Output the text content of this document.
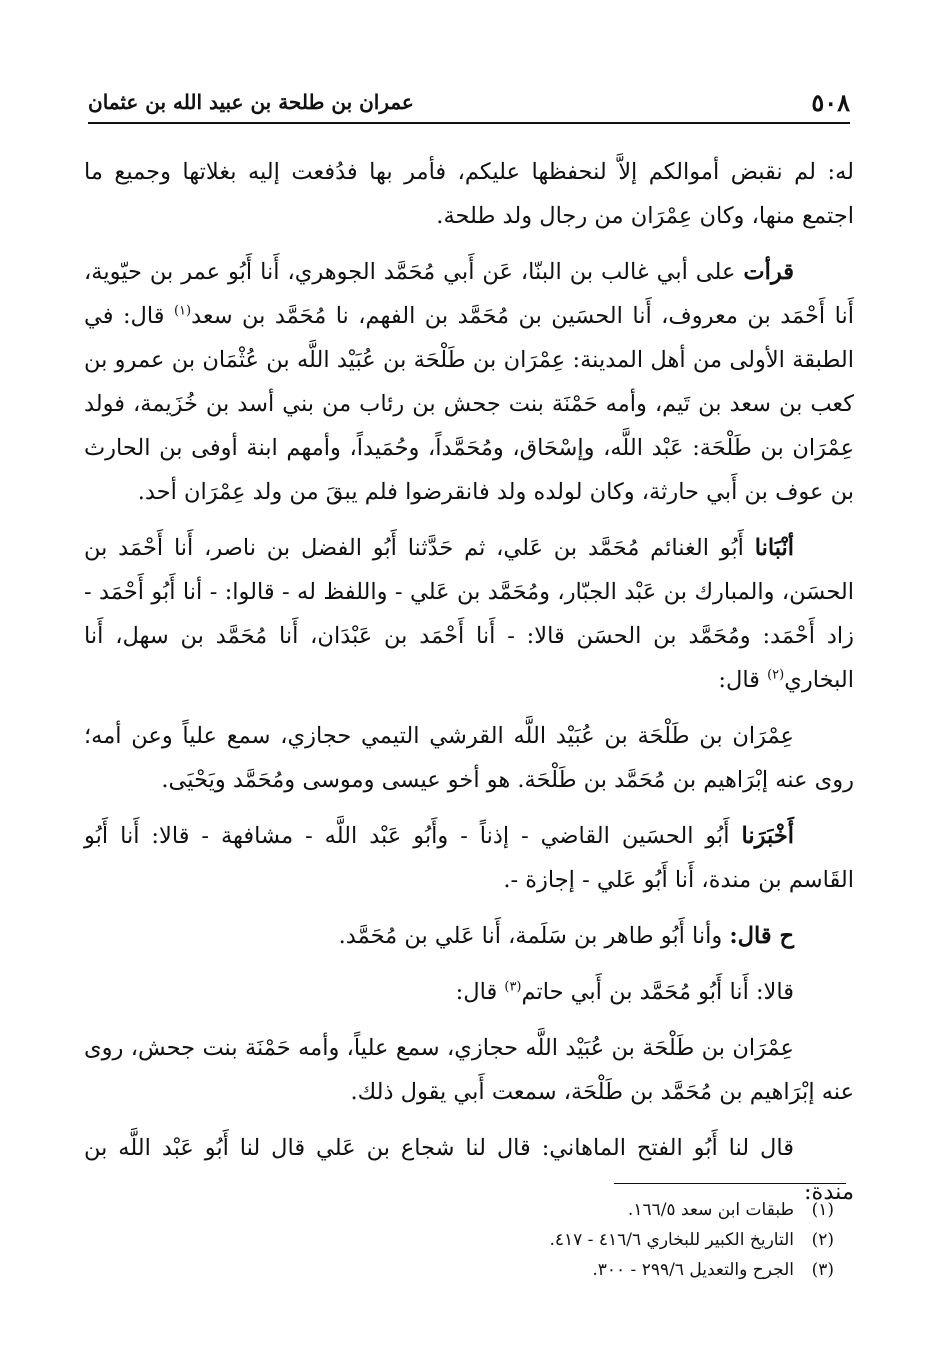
٥٠٨
عمران بن طلحة بن عبيد الله بن عثمان

له: لم نقبض أموالكم إلاَّ لنحفظها عليكم، فأمر بها فدُفعت إليه بغلاتها وجميع ما اجتمع منها، وكان عِمْرَان من رجال ولد طلحة.

قرأت على أبي غالب بن البنّا، عَن أَبي مُحَمَّد الجوهري، أَنا أَبُو عمر بن حيّوية، أَنا أَحْمَد بن معروف، أَنا الحسَين بن مُحَمَّد بن الفهم، نا مُحَمَّد بن سعد$^{(١)}$ قال: في الطبقة الأولى من أهل المدينة: عِمْرَان بن طَلْحَة بن عُبَيْد اللَّه بن عُثْمَان بن عمرو بن كعب بن سعد بن تَيم، وأمه حَمْنَة بنت جحش بن رئاب من بني أسد بن خُزَيمة، فولد عِمْرَان بن طَلْحَة: عَبْد اللَّه، وإسْحَاق، ومُحَمَّداً، وحُمَيداً، وأمهم ابنة أوفى بن الحارث بن عوف بن أَبي حارثة، وكان لولده ولد فانقرضوا فلم يبقَ من ولد عِمْرَان أحد.

أنْبَانا أَبُو الغنائم مُحَمَّد بن عَلي، ثم حَدَّثنا أَبُو الفضل بن ناصر، أَنا أَحْمَد بن الحسَن، والمبارك بن عَبْد الجبّار، ومُحَمَّد بن عَلي - واللفظ له - قالوا: - أنا أَبُو أَحْمَد - زاد أَحْمَد: ومُحَمَّد بن الحسَن قالا: - أَنا أَحْمَد بن عَبْدَان، أَنا مُحَمَّد بن سهل، أَنا البخاري$^{(٢)}$ قال:

عِمْرَان بن طَلْحَة بن عُبَيْد اللَّه القرشي التيمي حجازي، سمع علياً وعن أمه؛ روى عنه إبْرَاهيم بن مُحَمَّد بن طَلْحَة. هو أخو عيسى وموسى ومُحَمَّد ويَحْيَى.

أَخْبَرَنا أَبُو الحسَين القاضي - إذناً - وأَبُو عَبْد اللَّه - مشافهة - قالا: أَنا أَبُو القَاسم بن مندة، أَنا أَبُو عَلي - إجازة -.

ح قال: وأنا أَبُو طاهر بن سَلَمة، أَنا عَلي بن مُحَمَّد.

قالا: أَنا أَبُو مُحَمَّد بن أَبي حاتم$^{(٣)}$ قال:

عِمْرَان بن طَلْحَة بن عُبَيْد اللَّه حجازي، سمع علياً، وأمه حَمْنَة بنت جحش، روى عنه إبْرَاهيم بن مُحَمَّد بن طَلْحَة، سمعت أَبي يقول ذلك.

قال لنا أَبُو الفتح الماهاني: قال لنا شجاع بن عَلي قال لنا أَبُو عَبْد اللَّه بن مندة:

(١)طبقات ابن سعد ١٦٦/٥.
(٢)التاريخ الكبير للبخاري ٤١٦/٦ - ٤١٧.
(٣)الجرح والتعديل ٢٩٩/٦ - ٣٠٠.
